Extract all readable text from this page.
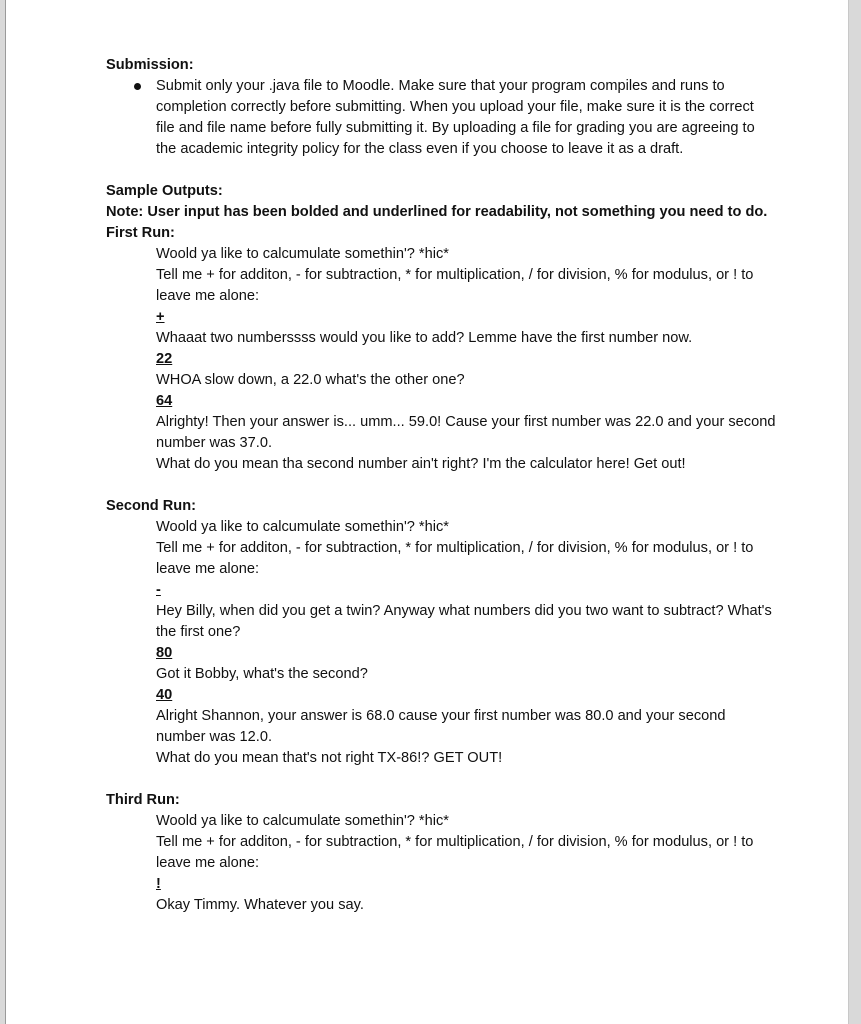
Submission:

Submit only your .java file to Moodle. Make sure that your program compiles and runs to completion correctly before submitting. When you upload your file, make sure it is the correct file and file name before fully submitting it. By uploading a file for grading you are agreeing to the academic integrity policy for the class even if you choose to leave it as a draft.

Sample Outputs:

Note: User input has been bolded and underlined for readability, not something you need to do.

First Run:

Woold ya like to calcumulate somethin'? *hic*

Tell me + for additon, - for subtraction, * for multiplication, / for division, % for modulus, or ! to leave me alone:

+

Whaaat two numberssss would you like to add? Lemme have the first number now.

22

WHOA slow down, a 22.0 what's the other one?

64

Alrighty! Then your answer is... umm... 59.0! Cause your first number was 22.0 and your second number was 37.0.

What do you mean tha second number ain't right? I'm the calculator here! Get out!

Second Run:

Woold ya like to calcumulate somethin'? *hic*

Tell me + for additon, - for subtraction, * for multiplication, / for division, % for modulus, or ! to leave me alone:

-

Hey Billy, when did you get a twin? Anyway what numbers did you two want to subtract? What's the first one?

80

Got it Bobby, what's the second?

40

Alright Shannon, your answer is 68.0 cause your first number was 80.0 and your second number was 12.0.

What do you mean that's not right TX-86!? GET OUT!

Third Run:

Woold ya like to calcumulate somethin'? *hic*

Tell me + for additon, - for subtraction, * for multiplication, / for division, % for modulus, or ! to leave me alone:

!

Okay Timmy. Whatever you say.
